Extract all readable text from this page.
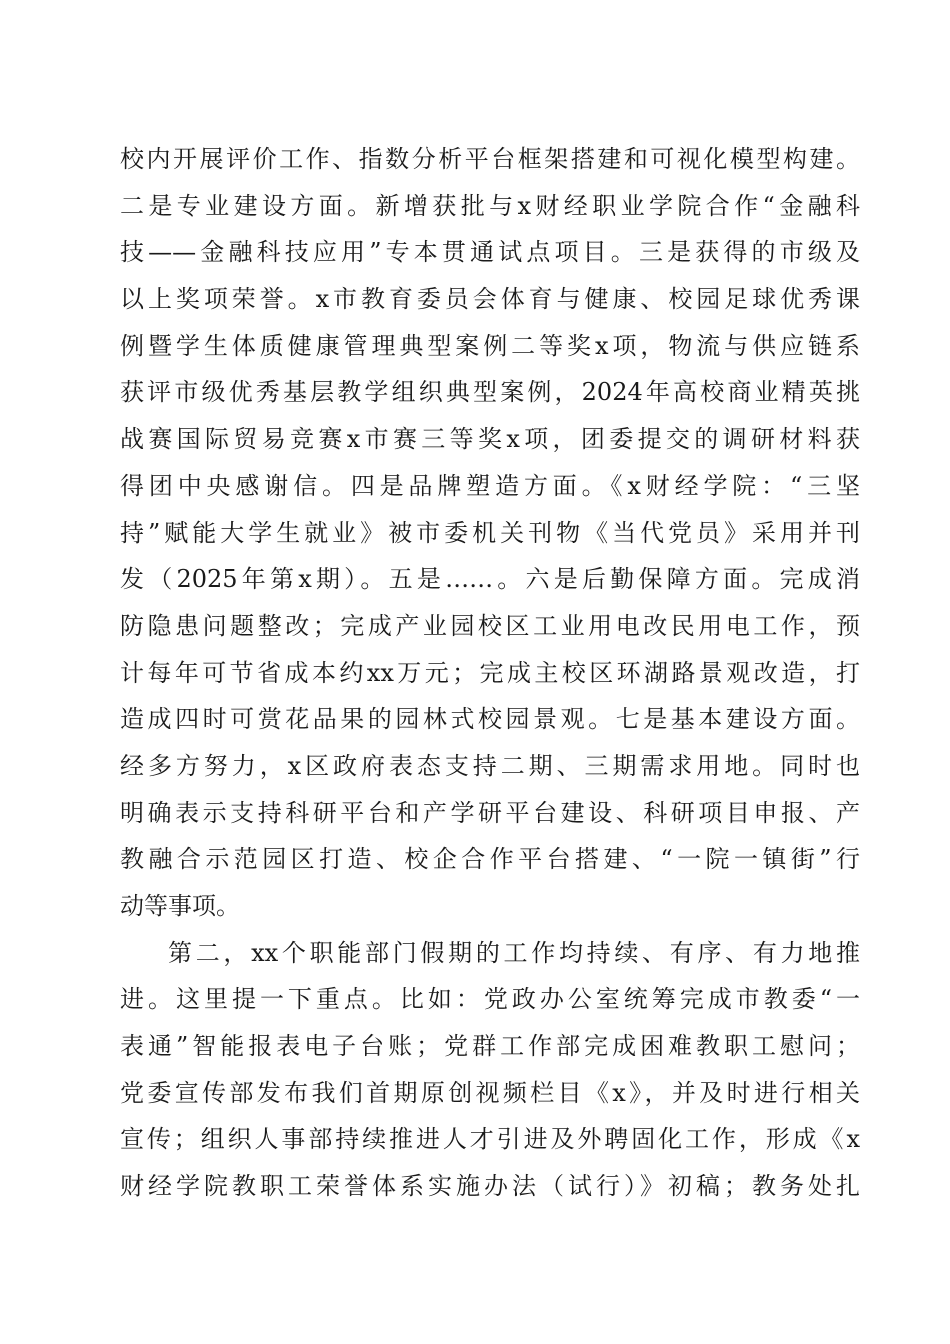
校内开展评价工作、指数分析平台框架搭建和可视化模型构建。
二是专业建设方面。新增获批与x财经职业学院合作“金融科
技——金融科技应用”专本贯通试点项目。三是获得的市级及
以上奖项荣誉。x市教育委员会体育与健康、校园足球优秀课
例暨学生体质健康管理典型案例二等奖x项，物流与供应链系
获评市级优秀基层教学组织典型案例，2024年高校商业精英挑
战赛国际贸易竞赛x市赛三等奖x项，团委提交的调研材料获
得团中央感谢信。四是品牌塑造方面。《x财经学院：“三坚
持”赋能大学生就业》被市委机关刊物《当代党员》采用并刊
发（2025年第x期）。五是……。六是后勤保障方面。完成消
防隐患问题整改；完成产业园校区工业用电改民用电工作，预
计每年可节省成本约xx万元；完成主校区环湖路景观改造，打
造成四时可赏花品果的园林式校园景观。七是基本建设方面。
经多方努力，x区政府表态支持二期、三期需求用地。同时也
明确表示支持科研平台和产学研平台建设、科研项目申报、产
教融合示范园区打造、校企合作平台搭建、“一院一镇街”行
动等事项。
第二，xx个职能部门假期的工作均持续、有序、有力地推
进。这里提一下重点。比如：党政办公室统筹完成市教委“一
表通”智能报表电子台账；党群工作部完成困难教职工慰问；
党委宣传部发布我们首期原创视频栏目《x》，并及时进行相关
宣传；组织人事部持续推进人才引进及外聘固化工作，形成《x
财经学院教职工荣誉体系实施办法（试行）》初稿；教务处扎
